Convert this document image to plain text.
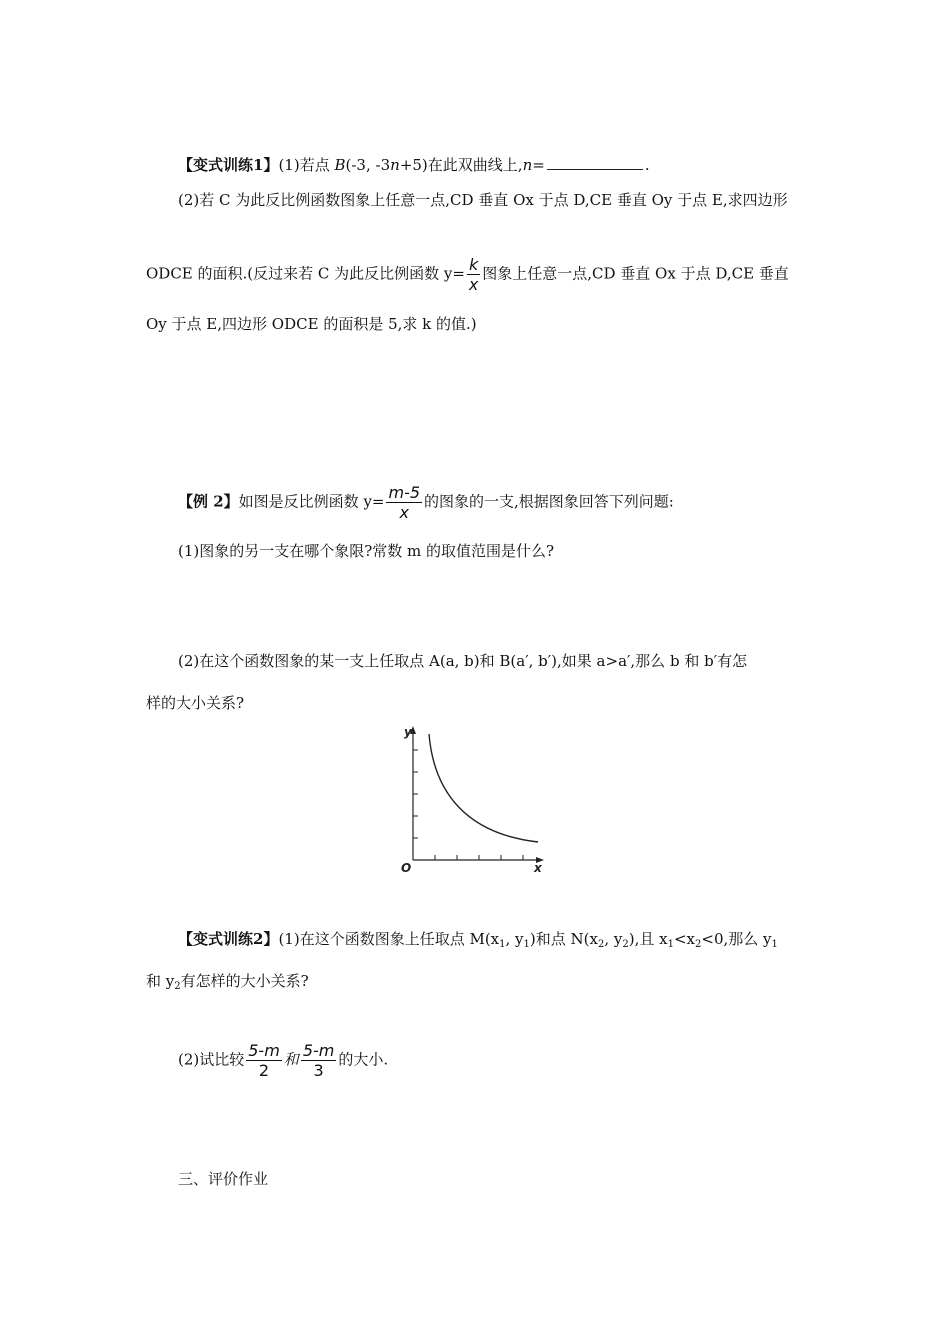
【变式训练1】(1)若点 B(-3, -3n+5)在此双曲线上,n=	.
(2)若 C 为此反比例函数图象上任意一点,CD 垂直 Ox 于点 D,CE 垂直 Oy 于点 E,求四边形
ODCE 的面积.(反过来若 C 为此反比例函数 $y= \frac{k}{x}$ 图象上任意一点,CD 垂直 Ox 于点 D,CE 垂直
Oy 于点 E,四边形 ODCE 的面积是 5,求 k 的值.)
【例 2】如图是反比例函数 $y= \frac{m-5}{x}$ 的图象的一支,根据图象回答下列问题:
(1)图象的另一支在哪个象限?常数 m 的取值范围是什么?
(2)在这个函数图象的某一支上任取点 A(a, b)和 B(a′, b′),如果 a>a′,那么 b 和 b′有怎
样的大小关系?
y
x
O
【变式训练2】(1)在这个函数图象上任取点 $M(x_1$, $y_1$)和点 $N(x_2$, $y_2$),且 $x_1<x_2<0$,那么 $y_1$
和 $y_2$有怎样的大小关系?
(2)试比较 $\frac{5-m}{2}$ 和 $\frac{5-m}{3}$ 的大小.
三、评价作业
